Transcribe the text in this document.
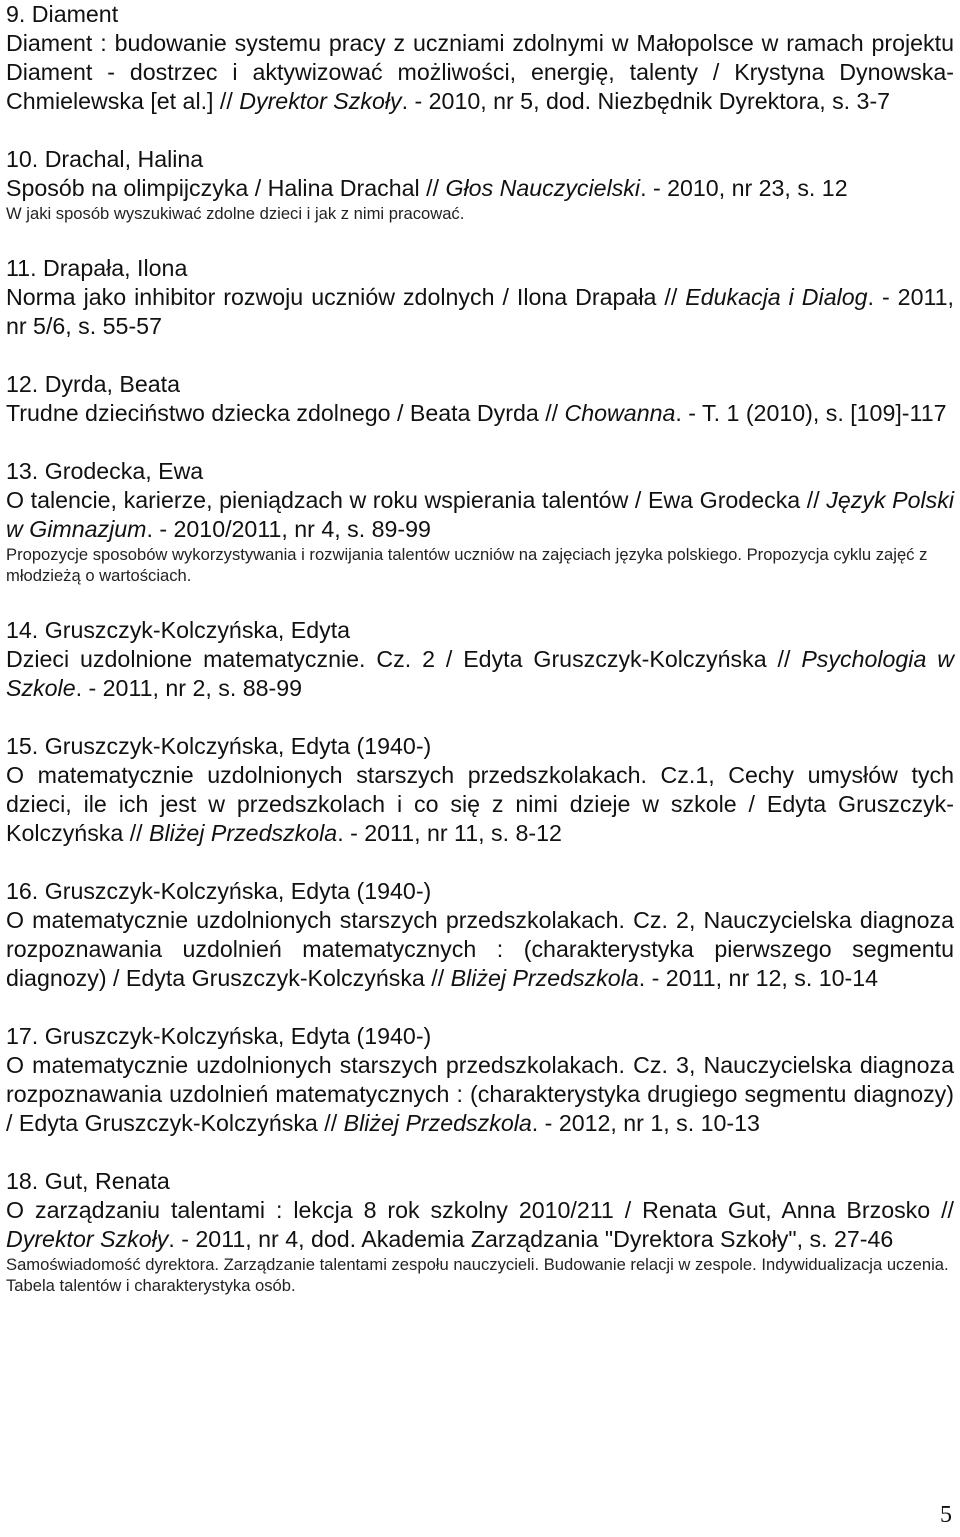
9. Diament
Diament : budowanie systemu pracy z uczniami zdolnymi w Małopolsce w ramach projektu Diament - dostrzec i aktywizować możliwości, energię, talenty / Krystyna Dynowska-Chmielewska [et al.] // Dyrektor Szkoły. - 2010, nr 5, dod. Niezbędnik Dyrektora, s. 3-7
10. Drachal, Halina
Sposób na olimpijczyka / Halina Drachal // Głos Nauczycielski. - 2010, nr 23, s. 12
W jaki sposób wyszukiwać zdolne dzieci i jak z nimi pracować.
11. Drapała, Ilona
Norma jako inhibitor rozwoju uczniów zdolnych / Ilona Drapała // Edukacja i Dialog. - 2011, nr 5/6, s. 55-57
12. Dyrda, Beata
Trudne dzieciństwo dziecka zdolnego / Beata Dyrda // Chowanna. - T. 1 (2010), s. [109]-117
13. Grodecka, Ewa
O talencie, karierze, pieniądzach w roku wspierania talentów / Ewa Grodecka // Język Polski w Gimnazjum. - 2010/2011, nr 4, s. 89-99
Propozycje sposobów wykorzystywania i rozwijania talentów uczniów na zajęciach języka polskiego. Propozycja cyklu zajęć z młodzieżą o wartościach.
14. Gruszczyk-Kolczyńska, Edyta
Dzieci uzdolnione matematycznie. Cz. 2 / Edyta Gruszczyk-Kolczyńska // Psychologia w Szkole. - 2011, nr 2, s. 88-99
15. Gruszczyk-Kolczyńska, Edyta (1940-)
O matematycznie uzdolnionych starszych przedszkolakach. Cz.1, Cechy umysłów tych dzieci, ile ich jest w przedszkolach i co się z nimi dzieje w szkole / Edyta Gruszczyk-Kolczyńska // Bliżej Przedszkola. - 2011, nr 11, s. 8-12
16. Gruszczyk-Kolczyńska, Edyta (1940-)
O matematycznie uzdolnionych starszych przedszkolakach. Cz. 2, Nauczycielska diagnoza rozpoznawania uzdolnień matematycznych : (charakterystyka pierwszego segmentu diagnozy) / Edyta Gruszczyk-Kolczyńska // Bliżej Przedszkola. - 2011, nr 12, s. 10-14
17. Gruszczyk-Kolczyńska, Edyta (1940-)
O matematycznie uzdolnionych starszych przedszkolakach. Cz. 3, Nauczycielska diagnoza rozpoznawania uzdolnień matematycznych : (charakterystyka drugiego segmentu diagnozy) / Edyta Gruszczyk-Kolczyńska // Bliżej Przedszkola. - 2012, nr 1, s. 10-13
18. Gut, Renata
O zarządzaniu talentami : lekcja 8 rok szkolny 2010/211 / Renata Gut, Anna Brzosko // Dyrektor Szkoły. - 2011, nr 4, dod. Akademia Zarządzania "Dyrektora Szkoły", s. 27-46
Samoświadomość dyrektora. Zarządzanie talentami zespołu nauczycieli. Budowanie relacji w zespole. Indywidualizacja uczenia. Tabela talentów i charakterystyka osób.
5
